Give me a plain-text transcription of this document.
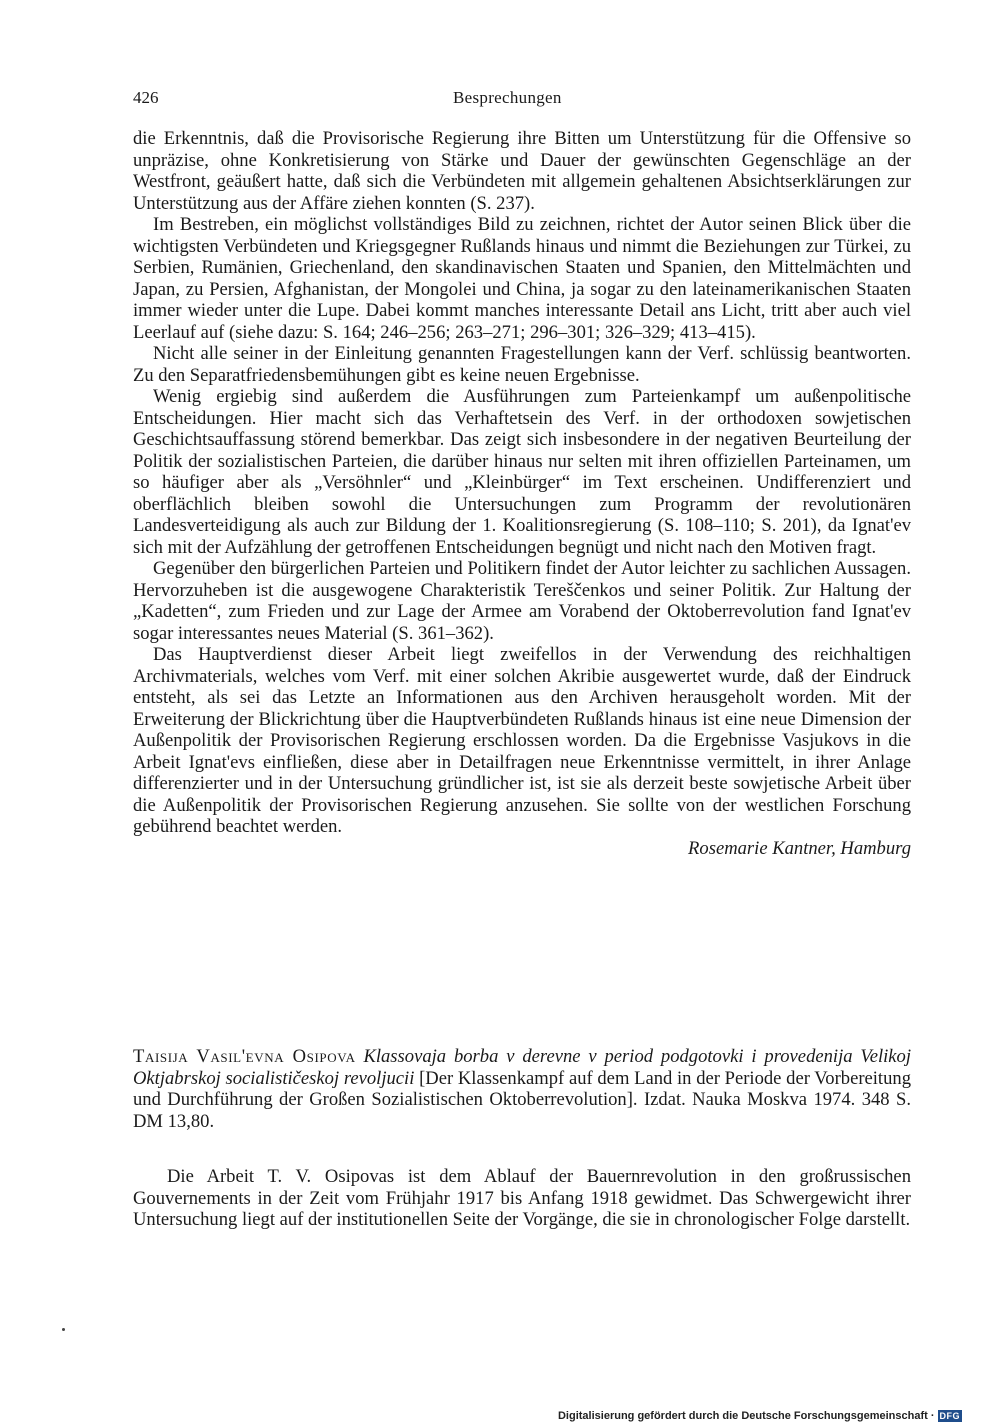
426	Besprechungen

die Erkenntnis, daß die Provisorische Regierung ihre Bitten um Unterstützung für die Offensive so unpräzise, ohne Konkretisierung von Stärke und Dauer der gewünschten Gegenschläge an der Westfront, geäußert hatte, daß sich die Verbündeten mit allgemein gehaltenen Absichtserklärungen zur Unterstützung aus der Affäre ziehen konnten (S. 237).

Im Bestreben, ein möglichst vollständiges Bild zu zeichnen, richtet der Autor seinen Blick über die wichtigsten Verbündeten und Kriegsgegner Rußlands hinaus und nimmt die Beziehungen zur Türkei, zu Serbien, Rumänien, Griechenland, den skandinavischen Staaten und Spanien, den Mittelmächten und Japan, zu Persien, Afghanistan, der Mongolei und China, ja sogar zu den lateinamerikanischen Staaten immer wieder unter die Lupe. Dabei kommt manches interessante Detail ans Licht, tritt aber auch viel Leerlauf auf (siehe dazu: S. 164; 246–256; 263–271; 296–301; 326–329; 413–415).

Nicht alle seiner in der Einleitung genannten Fragestellungen kann der Verf. schlüssig beantworten. Zu den Separatfriedensbemühungen gibt es keine neuen Ergebnisse.

Wenig ergiebig sind außerdem die Ausführungen zum Parteienkampf um außenpolitische Entscheidungen. Hier macht sich das Verhaftetsein des Verf. in der orthodoxen sowjetischen Geschichtsauffassung störend bemerkbar. Das zeigt sich insbesondere in der negativen Beurteilung der Politik der sozialistischen Parteien, die darüber hinaus nur selten mit ihren offiziellen Parteinamen, um so häufiger aber als „Versöhnler“ und „Kleinbürger“ im Text erscheinen. Undifferenziert und oberflächlich bleiben sowohl die Untersuchungen zum Programm der revolutionären Landesverteidigung als auch zur Bildung der 1. Koalitionsregierung (S. 108–110; S. 201), da Ignat'ev sich mit der Aufzählung der getroffenen Entscheidungen begnügt und nicht nach den Motiven fragt.

Gegenüber den bürgerlichen Parteien und Politikern findet der Autor leichter zu sachlichen Aussagen. Hervorzuheben ist die ausgewogene Charakteristik Tereščenkos und seiner Politik. Zur Haltung der „Kadetten“, zum Frieden und zur Lage der Armee am Vorabend der Oktoberrevolution fand Ignat'ev sogar interessantes neues Material (S. 361–362).

Das Hauptverdienst dieser Arbeit liegt zweifellos in der Verwendung des reichhaltigen Archivmaterials, welches vom Verf. mit einer solchen Akribie ausgewertet wurde, daß der Eindruck entsteht, als sei das Letzte an Informationen aus den Archiven herausgeholt worden. Mit der Erweiterung der Blickrichtung über die Hauptverbündeten Rußlands hinaus ist eine neue Dimension der Außenpolitik der Provisorischen Regierung erschlossen worden. Da die Ergebnisse Vasjukovs in die Arbeit Ignat'evs einfließen, diese aber in Detailfragen neue Erkenntnisse vermittelt, in ihrer Anlage differenzierter und in der Untersuchung gründlicher ist, ist sie als derzeit beste sowjetische Arbeit über die Außenpolitik der Provisorischen Regierung anzusehen. Sie sollte von der westlichen Forschung gebührend beachtet werden.

Rosemarie Kantner, Hamburg

Taisija Vasil'evna Osipova Klassovaja borba v derevne v period podgotovki i provedenija Velikoj Oktjabrskoj socialističeskoj revoljucii [Der Klassenkampf auf dem Land in der Periode der Vorbereitung und Durchführung der Großen Sozialistischen Oktoberrevolution]. Izdat. Nauka Moskva 1974. 348 S. DM 13,80.

Die Arbeit T. V. Osipovas ist dem Ablauf der Bauernrevolution in den großrussischen Gouvernements in der Zeit vom Frühjahr 1917 bis Anfang 1918 gewidmet. Das Schwergewicht ihrer Untersuchung liegt auf der institutionellen Seite der Vorgänge, die sie in chronologischer Folge darstellt.

Digitalisierung gefördert durch die Deutsche Forschungsgemeinschaft · DFG
